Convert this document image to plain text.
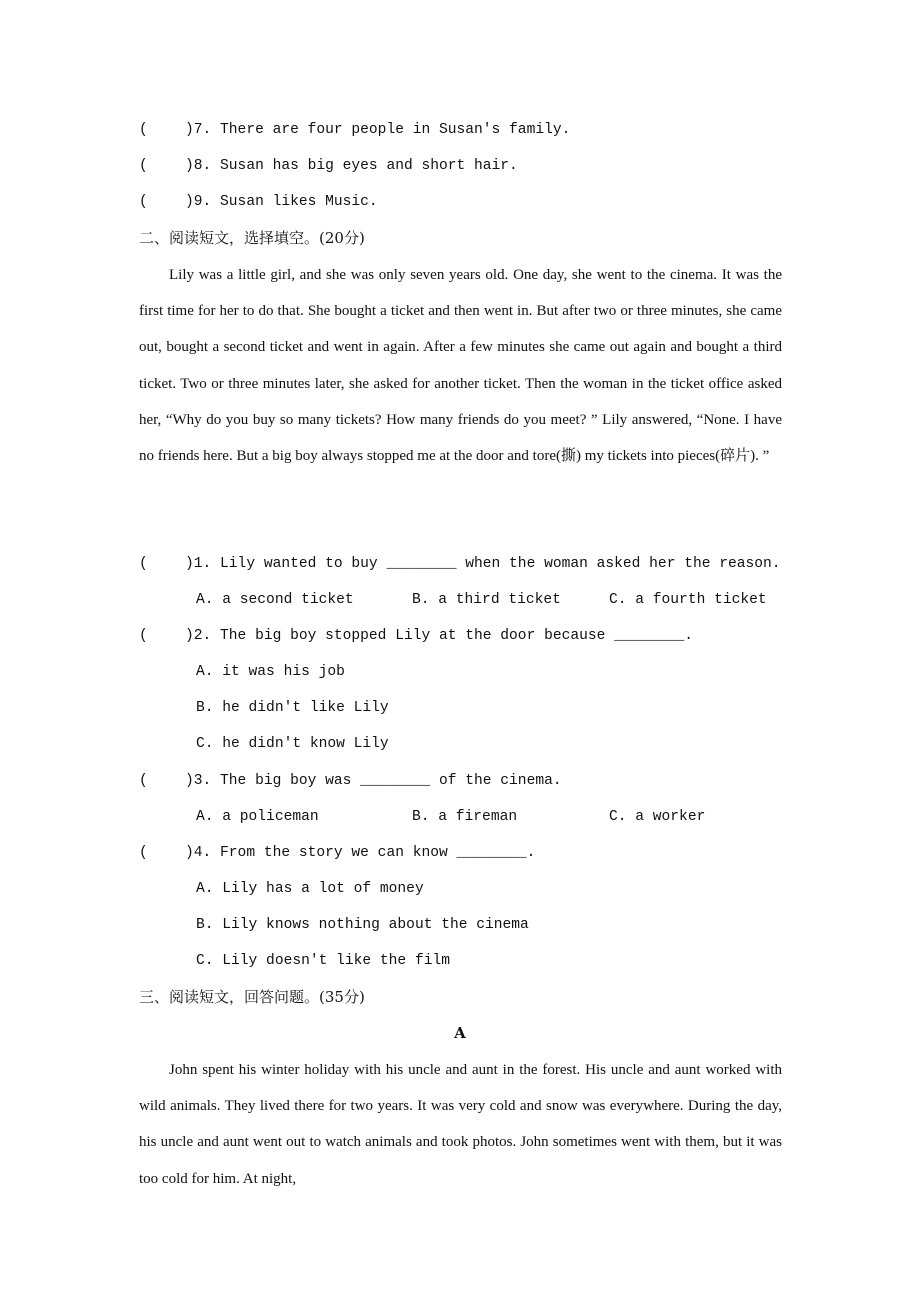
(	)7. There are four people in Susan's family.
(	)8. Susan has big eyes and short hair.
(	)9. Susan likes Music.
二、阅读短文，选择填空。(20分)

Lily was a little girl, and she was only seven years old. One day, she went to the cinema. It was the first time for her to do that. She bought a ticket and then went in. But after two or three minutes, she came out, bought a second ticket and went in again. After a few minutes she came out again and bought a third ticket. Two or three minutes later, she asked for another ticket. Then the woman in the ticket office asked her, “Why do you buy so many tickets? How many friends do you meet? ” Lily answered, “None. I have no friends here. But a big boy always stopped me at the door and tore(撕) my tickets into pieces(碎片). ”

(	)1. Lily wanted to buy ________ when the woman asked her the reason.
A. a second ticket	B. a third ticket	C. a fourth ticket
(	)2. The big boy stopped Lily at the door because ________.
A. it was his job
B. he didn't like Lily
C. he didn't know Lily
(	)3. The big boy was ________ of the cinema.
A. a policeman	B. a fireman	C. a worker
(	)4. From the story we can know ________.
A. Lily has a lot of money
B. Lily knows nothing about the cinema
C. Lily doesn't like the film
三、阅读短文，回答问题。(35分)
A

John spent his winter holiday with his uncle and aunt in the forest. His uncle and aunt worked with wild animals. They lived there for two years. It was very cold and snow was everywhere. During the day, his uncle and aunt went out to watch animals and took photos. John sometimes went with them, but it was too cold for him. At night,
